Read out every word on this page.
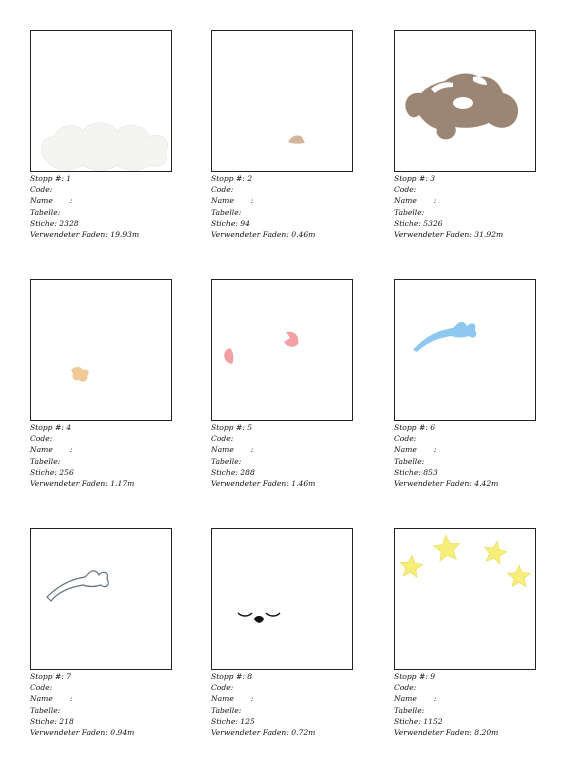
Stopp #: 1
Code:
Name       :
Tabelle:
Stiche: 2328
Verwendeter Faden: 19.93m
Stopp #: 2
Code:
Name       :
Tabelle:
Stiche: 94
Verwendeter Faden: 0.46m
Stopp #: 3
Code:
Name       :
Tabelle:
Stiche: 5326
Verwendeter Faden: 31.92m
Stopp #: 4
Code:
Name       :
Tabelle:
Stiche: 256
Verwendeter Faden: 1.17m
Stopp #: 5
Code:
Name       :
Tabelle:
Stiche: 288
Verwendeter Faden: 1.46m
Stopp #: 6
Code:
Name       :
Tabelle:
Stiche: 853
Verwendeter Faden: 4.42m
Stopp #: 7
Code:
Name       :
Tabelle:
Stiche: 218
Verwendeter Faden: 0.94m
Stopp #: 8
Code:
Name       :
Tabelle:
Stiche: 125
Verwendeter Faden: 0.72m
Stopp #: 9
Code:
Name       :
Tabelle:
Stiche: 1152
Verwendeter Faden: 8.20m
